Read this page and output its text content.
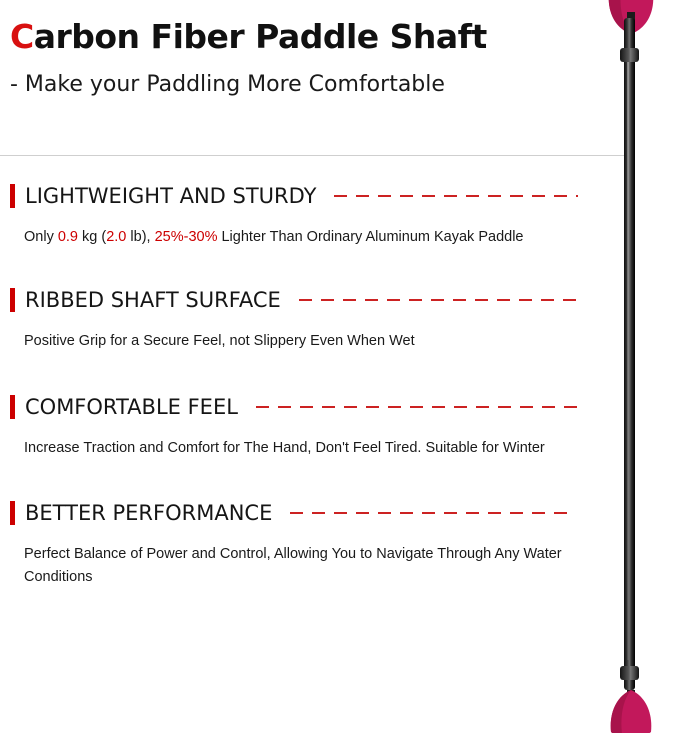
Carbon Fiber Paddle Shaft

- Make your Paddling More Comfortable

LIGHTWEIGHT AND STURDY
Only 0.9 kg (2.0 lb), 25%-30% Lighter Than Ordinary Aluminum Kayak Paddle
RIBBED SHAFT SURFACE
Positive Grip for a Secure Feel, not Slippery Even When Wet
COMFORTABLE FEEL
Increase Traction and Comfort for The Hand, Don't Feel Tired. Suitable for Winter
BETTER PERFORMANCE
Perfect Balance of Power and Control, Allowing You to Navigate Through Any Water Conditions
